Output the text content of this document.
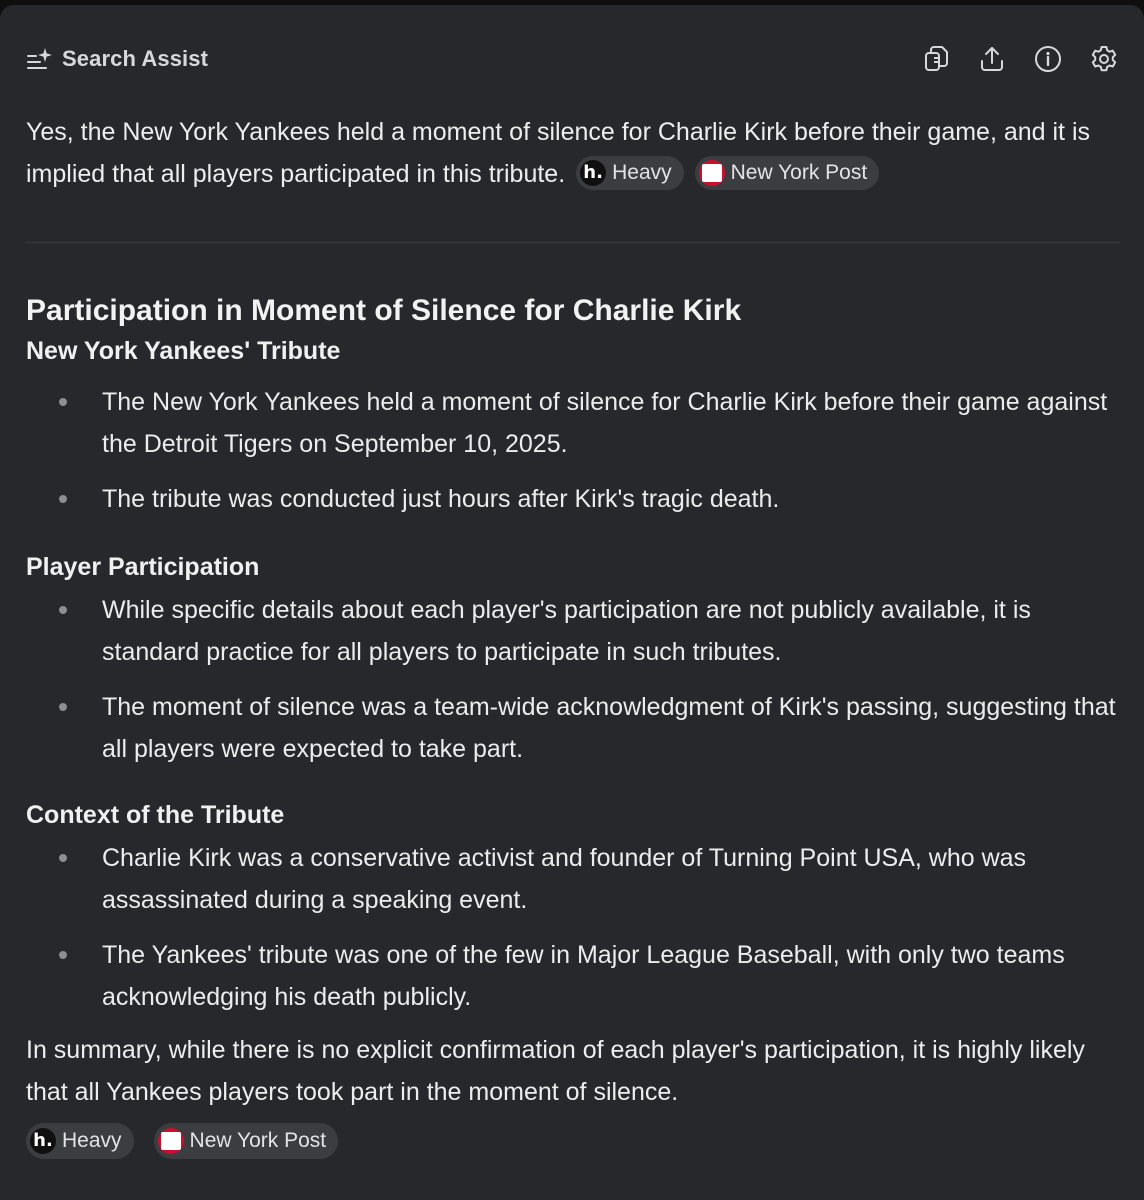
Search Assist
Yes, the New York Yankees held a moment of silence for Charlie Kirk before their game, and it is implied that all players participated in this tribute. h. Heavy
	New York Post
Participation in Moment of Silence for Charlie Kirk
New York Yankees' Tribute
The New York Yankees held a moment of silence for Charlie Kirk before their game against the Detroit Tigers on September 10, 2025.
The tribute was conducted just hours after Kirk's tragic death.
Player Participation
While specific details about each player's participation are not publicly available, it is standard practice for all players to participate in such tributes.
The moment of silence was a team-wide acknowledgment of Kirk's passing, suggesting that all players were expected to take part.
Context of the Tribute
Charlie Kirk was a conservative activist and founder of Turning Point USA, who was assassinated during a speaking event.
The Yankees' tribute was one of the few in Major League Baseball, with only two teams acknowledging his death publicly.

In summary, while there is no explicit confirmation of each player's participation, it is highly likely that all Yankees players took part in the moment of silence.

h. Heavy	New York Post
